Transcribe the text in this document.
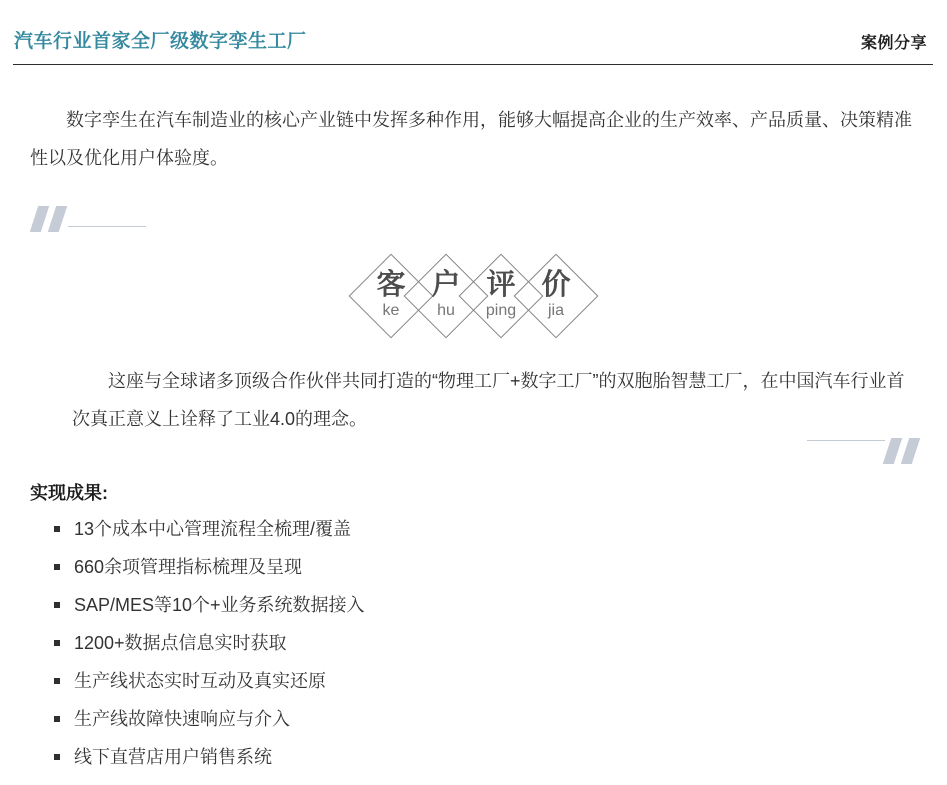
汽车行业首家全厂级数字孪生工厂	案例分享

数字孪生在汽车制造业的核心产业链中发挥多种作用，能够大幅提高企业的生产效率、产品质量、决策精准性以及优化用户体验度。

客
ke
户
hu
评
ping
价
jia

这座与全球诸多顶级合作伙伴共同打造的“物理工厂+数字工厂”的双胞胎智慧工厂，在中国汽车行业首次真正意义上诠释了工业4.0的理念。

实现成果:
13个成本中心管理流程全梳理/覆盖
660余项管理指标梳理及呈现
SAP/MES等10个+业务系统数据接入
1200+数据点信息实时获取
生产线状态实时互动及真实还原
生产线故障快速响应与介入
线下直营店用户销售系统
